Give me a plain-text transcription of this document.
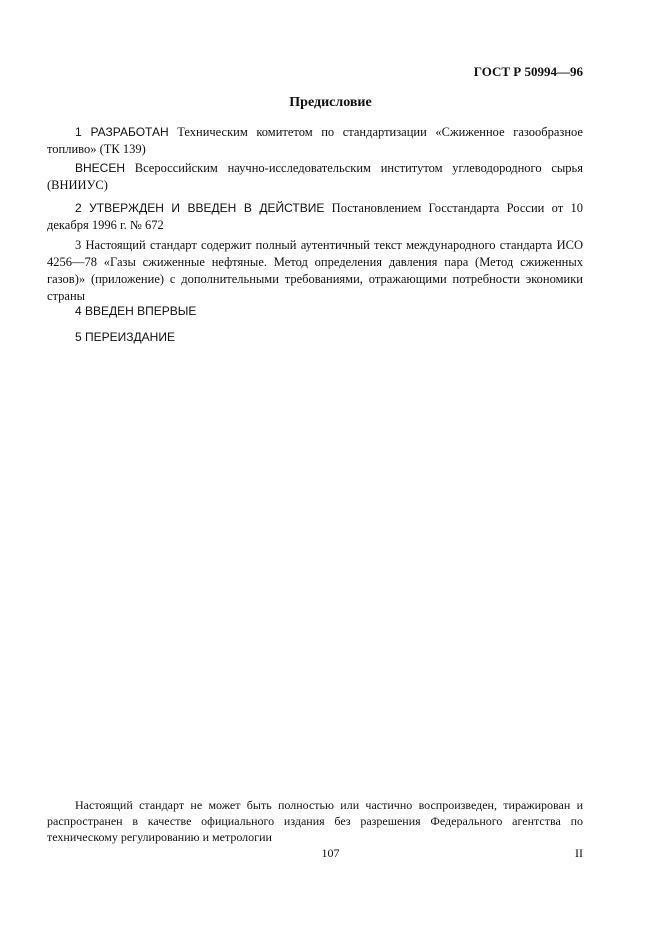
ГОСТ Р 50994—96
Предисловие
1 РАЗРАБОТАН Техническим комитетом по стандартизации «Сжиженное газообразное топливо» (ТК 139)
ВНЕСЕН Всероссийским научно-исследовательским институтом углеводородного сырья (ВНИИУС)
2 УТВЕРЖДЕН И ВВЕДЕН В ДЕЙСТВИЕ Постановлением Госстандарта России от 10 декабря 1996 г. № 672
3 Настоящий стандарт содержит полный аутентичный текст международного стандарта ИСО 4256—78 «Газы сжиженные нефтяные. Метод определения давления пара (Метод сжиженных газов)» (приложение) с дополнительными требованиями, отражающими потребности экономики страны
4 ВВЕДЕН ВПЕРВЫЕ
5 ПЕРЕИЗДАНИЕ
Настоящий стандарт не может быть полностью или частично воспроизведен, тиражирован и распространен в качестве официального издания без разрешения Федерального агентства по техническому регулированию и метрологии
107	II
